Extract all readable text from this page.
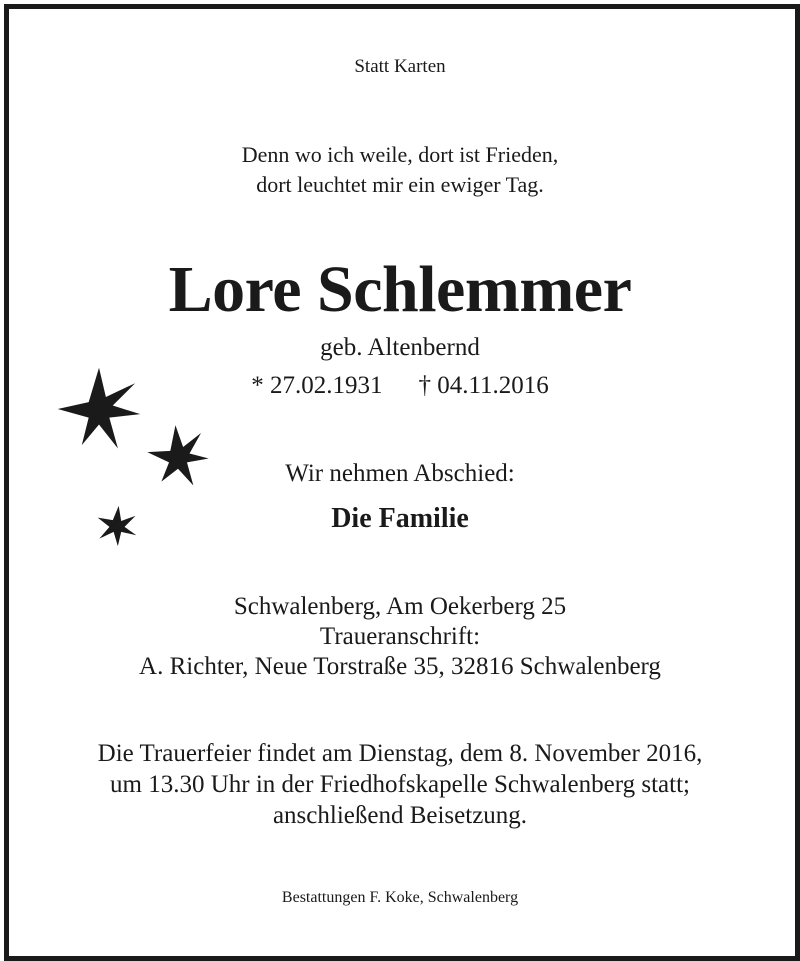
Statt Karten
Denn wo ich weile, dort ist Frieden,
dort leuchtet mir ein ewiger Tag.
Lore Schlemmer
geb. Altenbernd
* 27.02.1931 † 04.11.2016
Wir nehmen Abschied:
Die Familie
Schwalenberg, Am Oekerberg 25
Traueranschrift:
A. Richter, Neue Torstraße 35, 32816 Schwalenberg
Die Trauerfeier findet am Dienstag, dem 8. November 2016,
um 13.30 Uhr in der Friedhofskapelle Schwalenberg statt;
anschließend Beisetzung.
Bestattungen F. Koke, Schwalenberg
